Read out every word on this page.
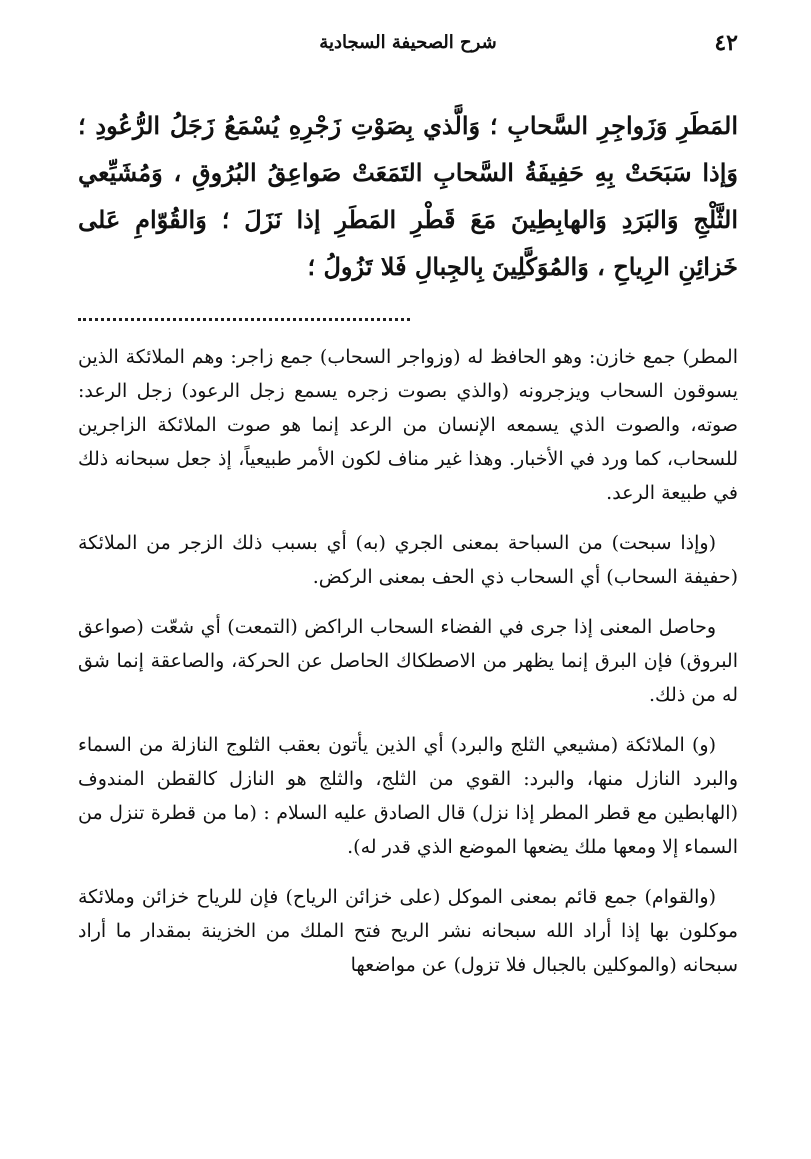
٤٢
شرح الصحيفة السجادية
المَطَرِ وَزَواجِرِ السَّحابِ ؛ وَالَّذي بِصَوْتِ زَجْرِهِ يُسْمَعُ زَجَلُ الرُّعُودِ ؛ وَإذا سَبَحَتْ بِهِ حَفِيفَةُ السَّحابِ التَمَعَتْ صَواعِقُ البُرُوقِ ، وَمُشَيِّعي الثَّلْجِ وَالبَرَدِ وَالهابِطِينَ مَعَ قَطْرِ المَطَرِ إذا نَزَلَ ؛ وَالقُوّامِ عَلى خَزائِنِ الرِياحِ ، وَالمُوَكَّلِينَ بِالجِبالِ فَلا تَزُولُ ؛

المطر) جمع خازن: وهو الحافظ له (وزواجر السحاب) جمع زاجر: وهم الملائكة الذين يسوقون السحاب ويزجرونه (والذي بصوت زجره يسمع زجل الرعود) زجل الرعد: صوته، والصوت الذي يسمعه الإنسان من الرعد إنما هو صوت الملائكة الزاجرين للسحاب، كما ورد في الأخبار. وهذا غير مناف لكون الأمر طبيعياً، إذ جعل سبحانه ذلك في طبيعة الرعد.

(وإذا سبحت) من السباحة بمعنى الجري (به) أي بسبب ذلك الزجر من الملائكة (حفيفة السحاب) أي السحاب ذي الحف بمعنى الركض.

وحاصل المعنى إذا جرى في الفضاء السحاب الراكض (التمعت) أي شعّت (صواعق البروق) فإن البرق إنما يظهر من الاصطكاك الحاصل عن الحركة، والصاعقة إنما شق له من ذلك.

(و) الملائكة (مشيعي الثلج والبرد) أي الذين يأتون بعقب الثلوج النازلة من السماء والبرد النازل منها، والبرد: القوي من الثلج، والثلج هو النازل كالقطن المندوف (الهابطين مع قطر المطر إذا نزل) قال الصادق عليه السلام : (ما من قطرة تنزل من السماء إلا ومعها ملك يضعها الموضع الذي قدر له).

(والقوام) جمع قائم بمعنى الموكل (على خزائن الرياح) فإن للرياح خزائن وملائكة موكلون بها إذا أراد الله سبحانه نشر الريح فتح الملك من الخزينة بمقدار ما أراد سبحانه (والموكلين بالجبال فلا تزول) عن مواضعها
